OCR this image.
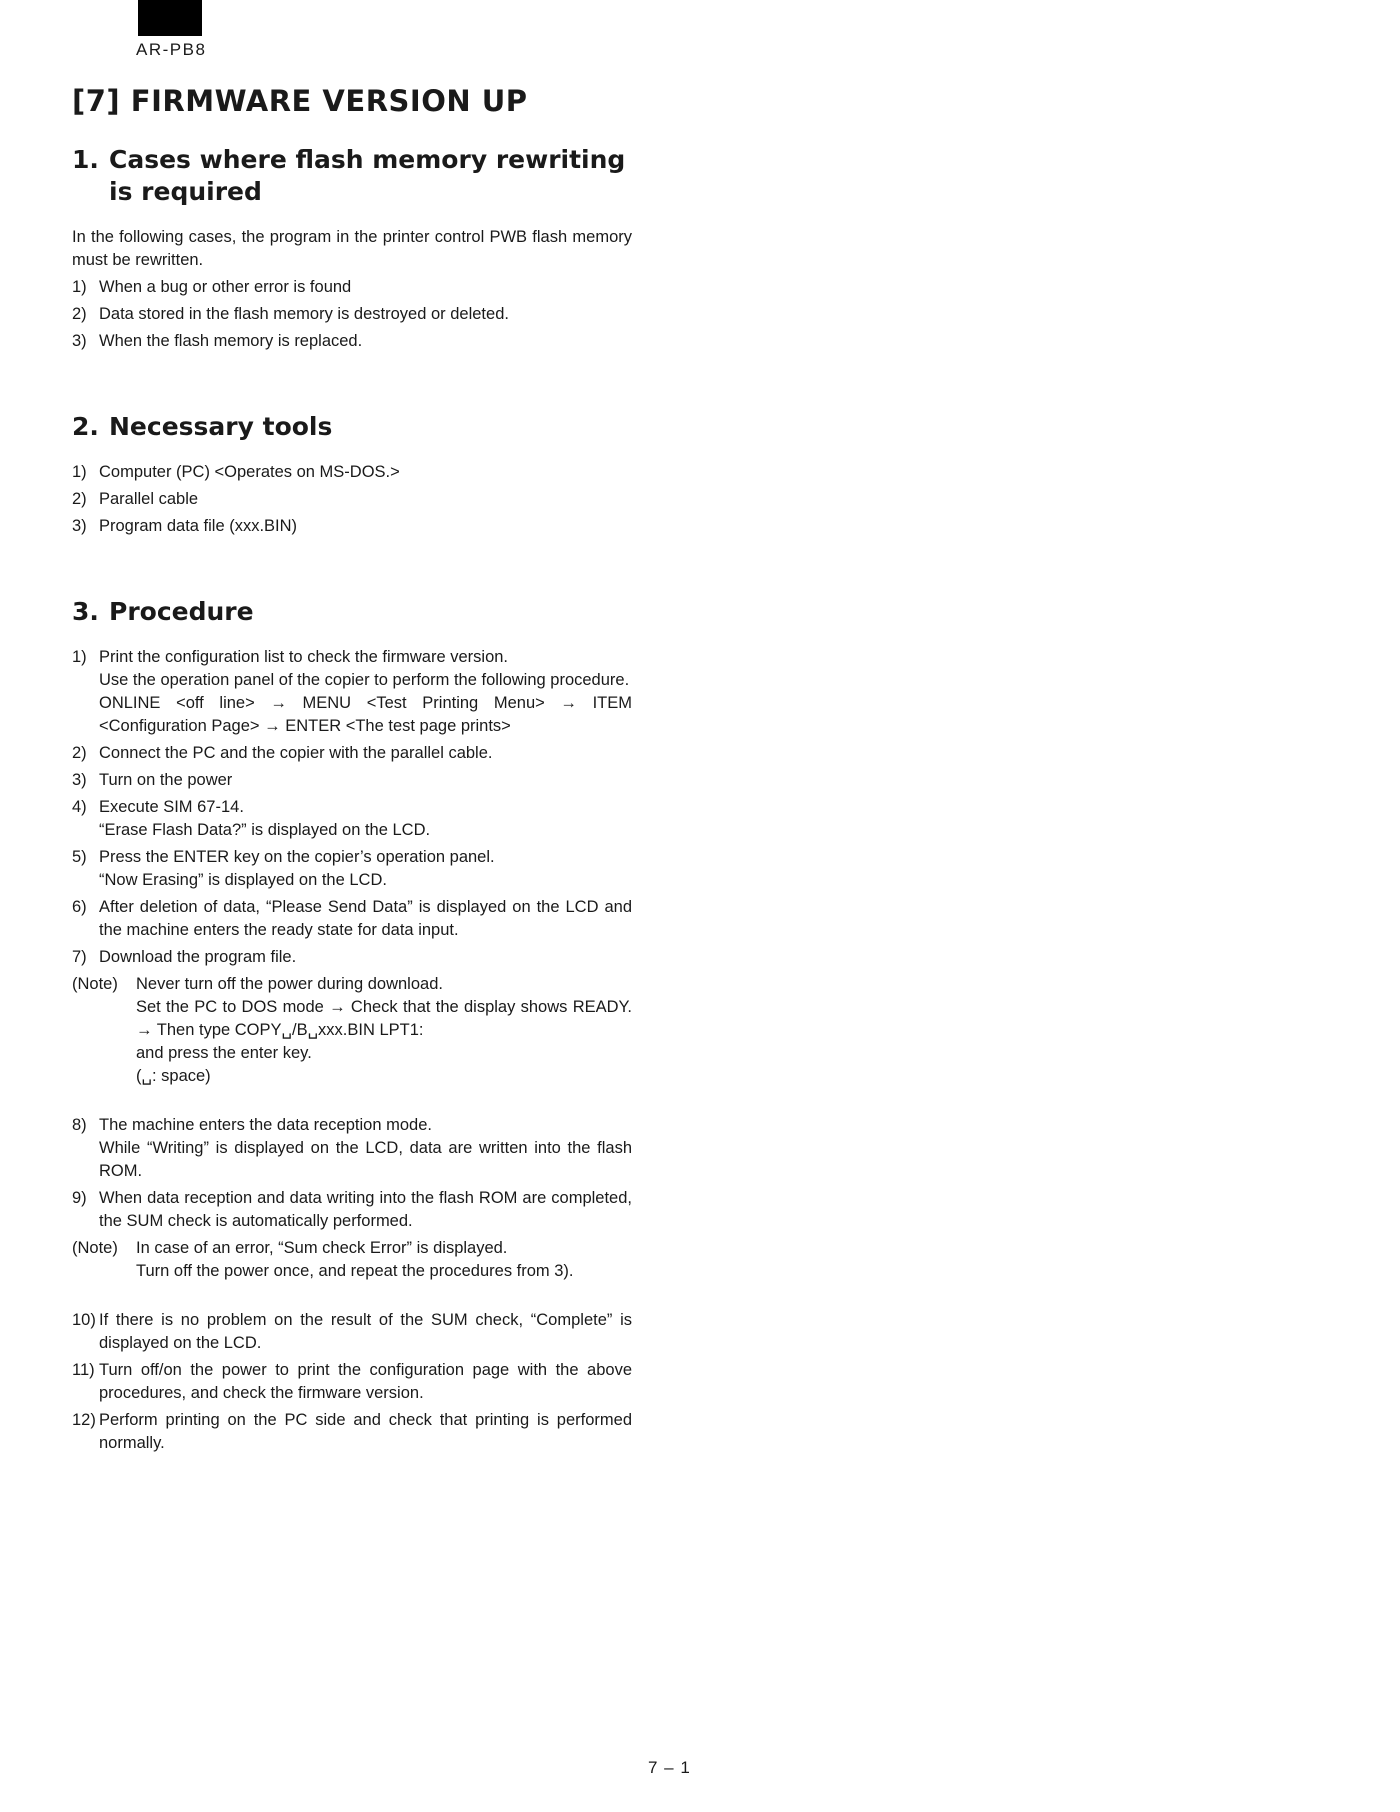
AR-PB8
[7] FIRMWARE VERSION UP
1. Cases where flash memory rewriting is required

In the following cases, the program in the printer control PWB flash memory must be rewritten.

1) When a bug or other error is found
2) Data stored in the flash memory is destroyed or deleted.
3) When the flash memory is replaced.
2. Necessary tools
1) Computer (PC) <Operates on MS-DOS.>
2) Parallel cable
3) Program data file (xxx.BIN)
3. Procedure
1) Print the configuration list to check the firmware version.
Use the operation panel of the copier to perform the following procedure.
ONLINE <off line> → MENU <Test Printing Menu> → ITEM <Configuration Page> → ENTER <The test page prints>
2) Connect the PC and the copier with the parallel cable.
3) Turn on the power
4) Execute SIM 67-14.
“Erase Flash Data?” is displayed on the LCD.
5) Press the ENTER key on the copier’s operation panel.
“Now Erasing” is displayed on the LCD.
6) After deletion of data, “Please Send Data” is displayed on the LCD and the machine enters the ready state for data input.
7) Download the program file.
(Note)	Never turn off the power during download.
Set the PC to DOS mode → Check that the display shows READY. → Then type COPY␣/B␣xxx.BIN LPT1:
and press the enter key.
(␣: space)
8) The machine enters the data reception mode.
While “Writing” is displayed on the LCD, data are written into the flash ROM.
9) When data reception and data writing into the flash ROM are completed, the SUM check is automatically performed.
(Note)	In case of an error, “Sum check Error” is displayed.
Turn off the power once, and repeat the procedures from 3).
10) If there is no problem on the result of the SUM check, “Complete” is displayed on the LCD.
11) Turn off/on the power to print the configuration page with the above procedures, and check the firmware version.
12) Perform printing on the PC side and check that printing is performed normally.
7 – 1
